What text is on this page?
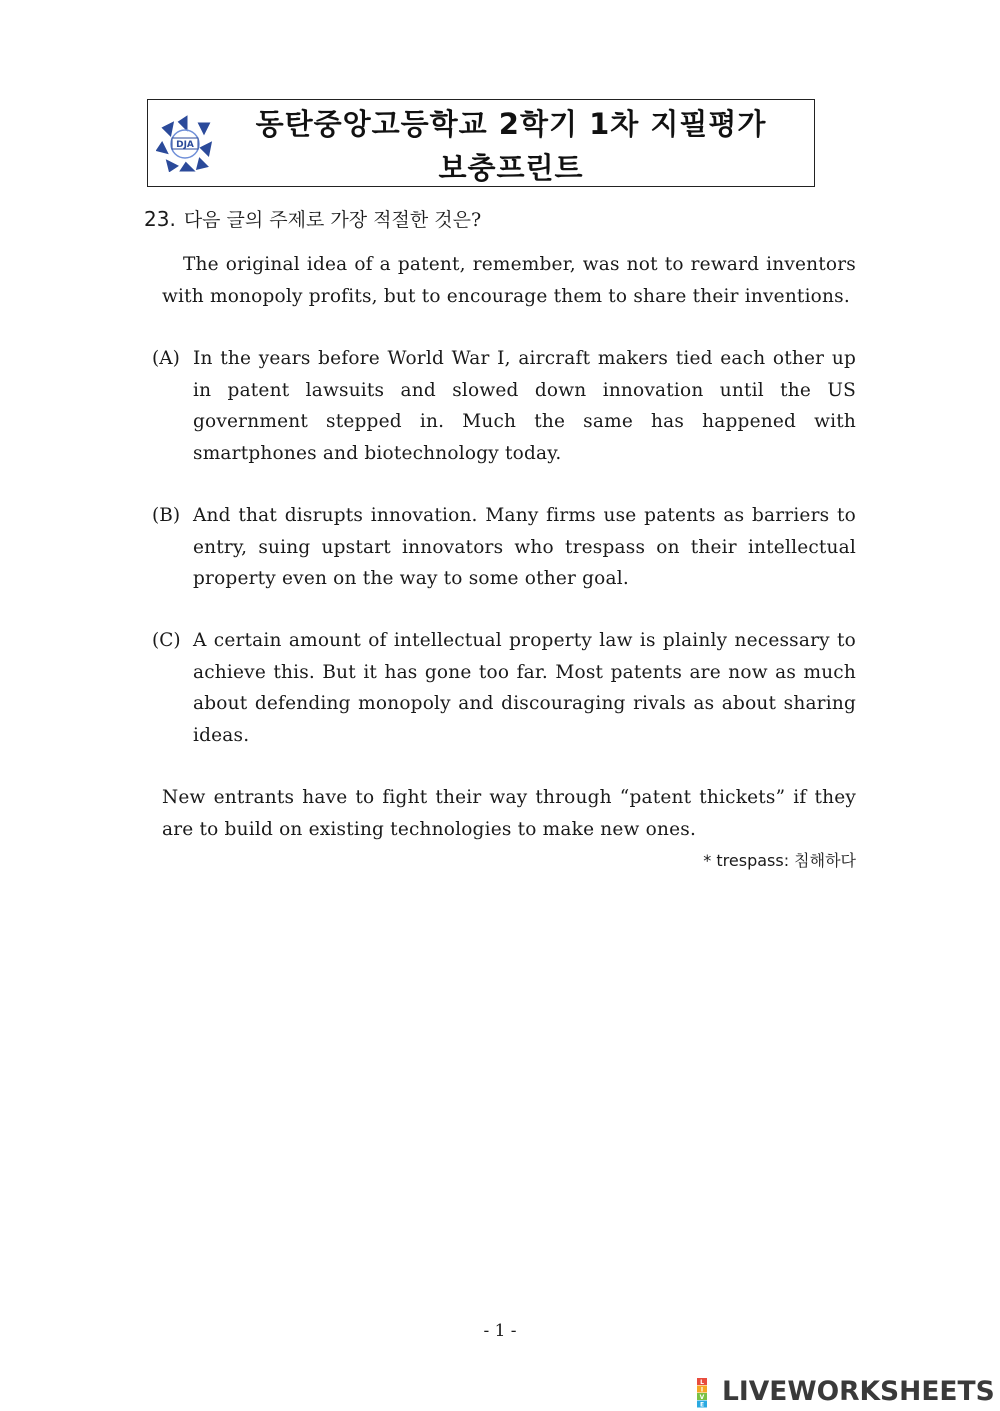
DJA
동탄중앙고등학교 2학기 1차 지필평가
보충프린트
23. 다음 글의 주제로 가장 적절한 것은?
The original idea of a patent, remember, was not to reward inventors with monopoly profits, but to encourage them to share their inventions.
(A) In the years before World War I, aircraft makers tied each other up in patent lawsuits and slowed down innovation until the US government stepped in. Much the same has happened with smartphones and biotechnology today.
(B) And that disrupts innovation. Many firms use patents as barriers to entry, suing upstart innovators who trespass on their intellectual property even on the way to some other goal.
(C) A certain amount of intellectual property law is plainly necessary to achieve this. But it has gone too far. Most patents are now as much about defending monopoly and discouraging rivals as about sharing ideas.
New entrants have to fight their way through “patent thickets” if they are to build on existing technologies to make new ones.
* trespass: 침해하다
- 1 -
L
I
V
E LIVEWORKSHEETS
